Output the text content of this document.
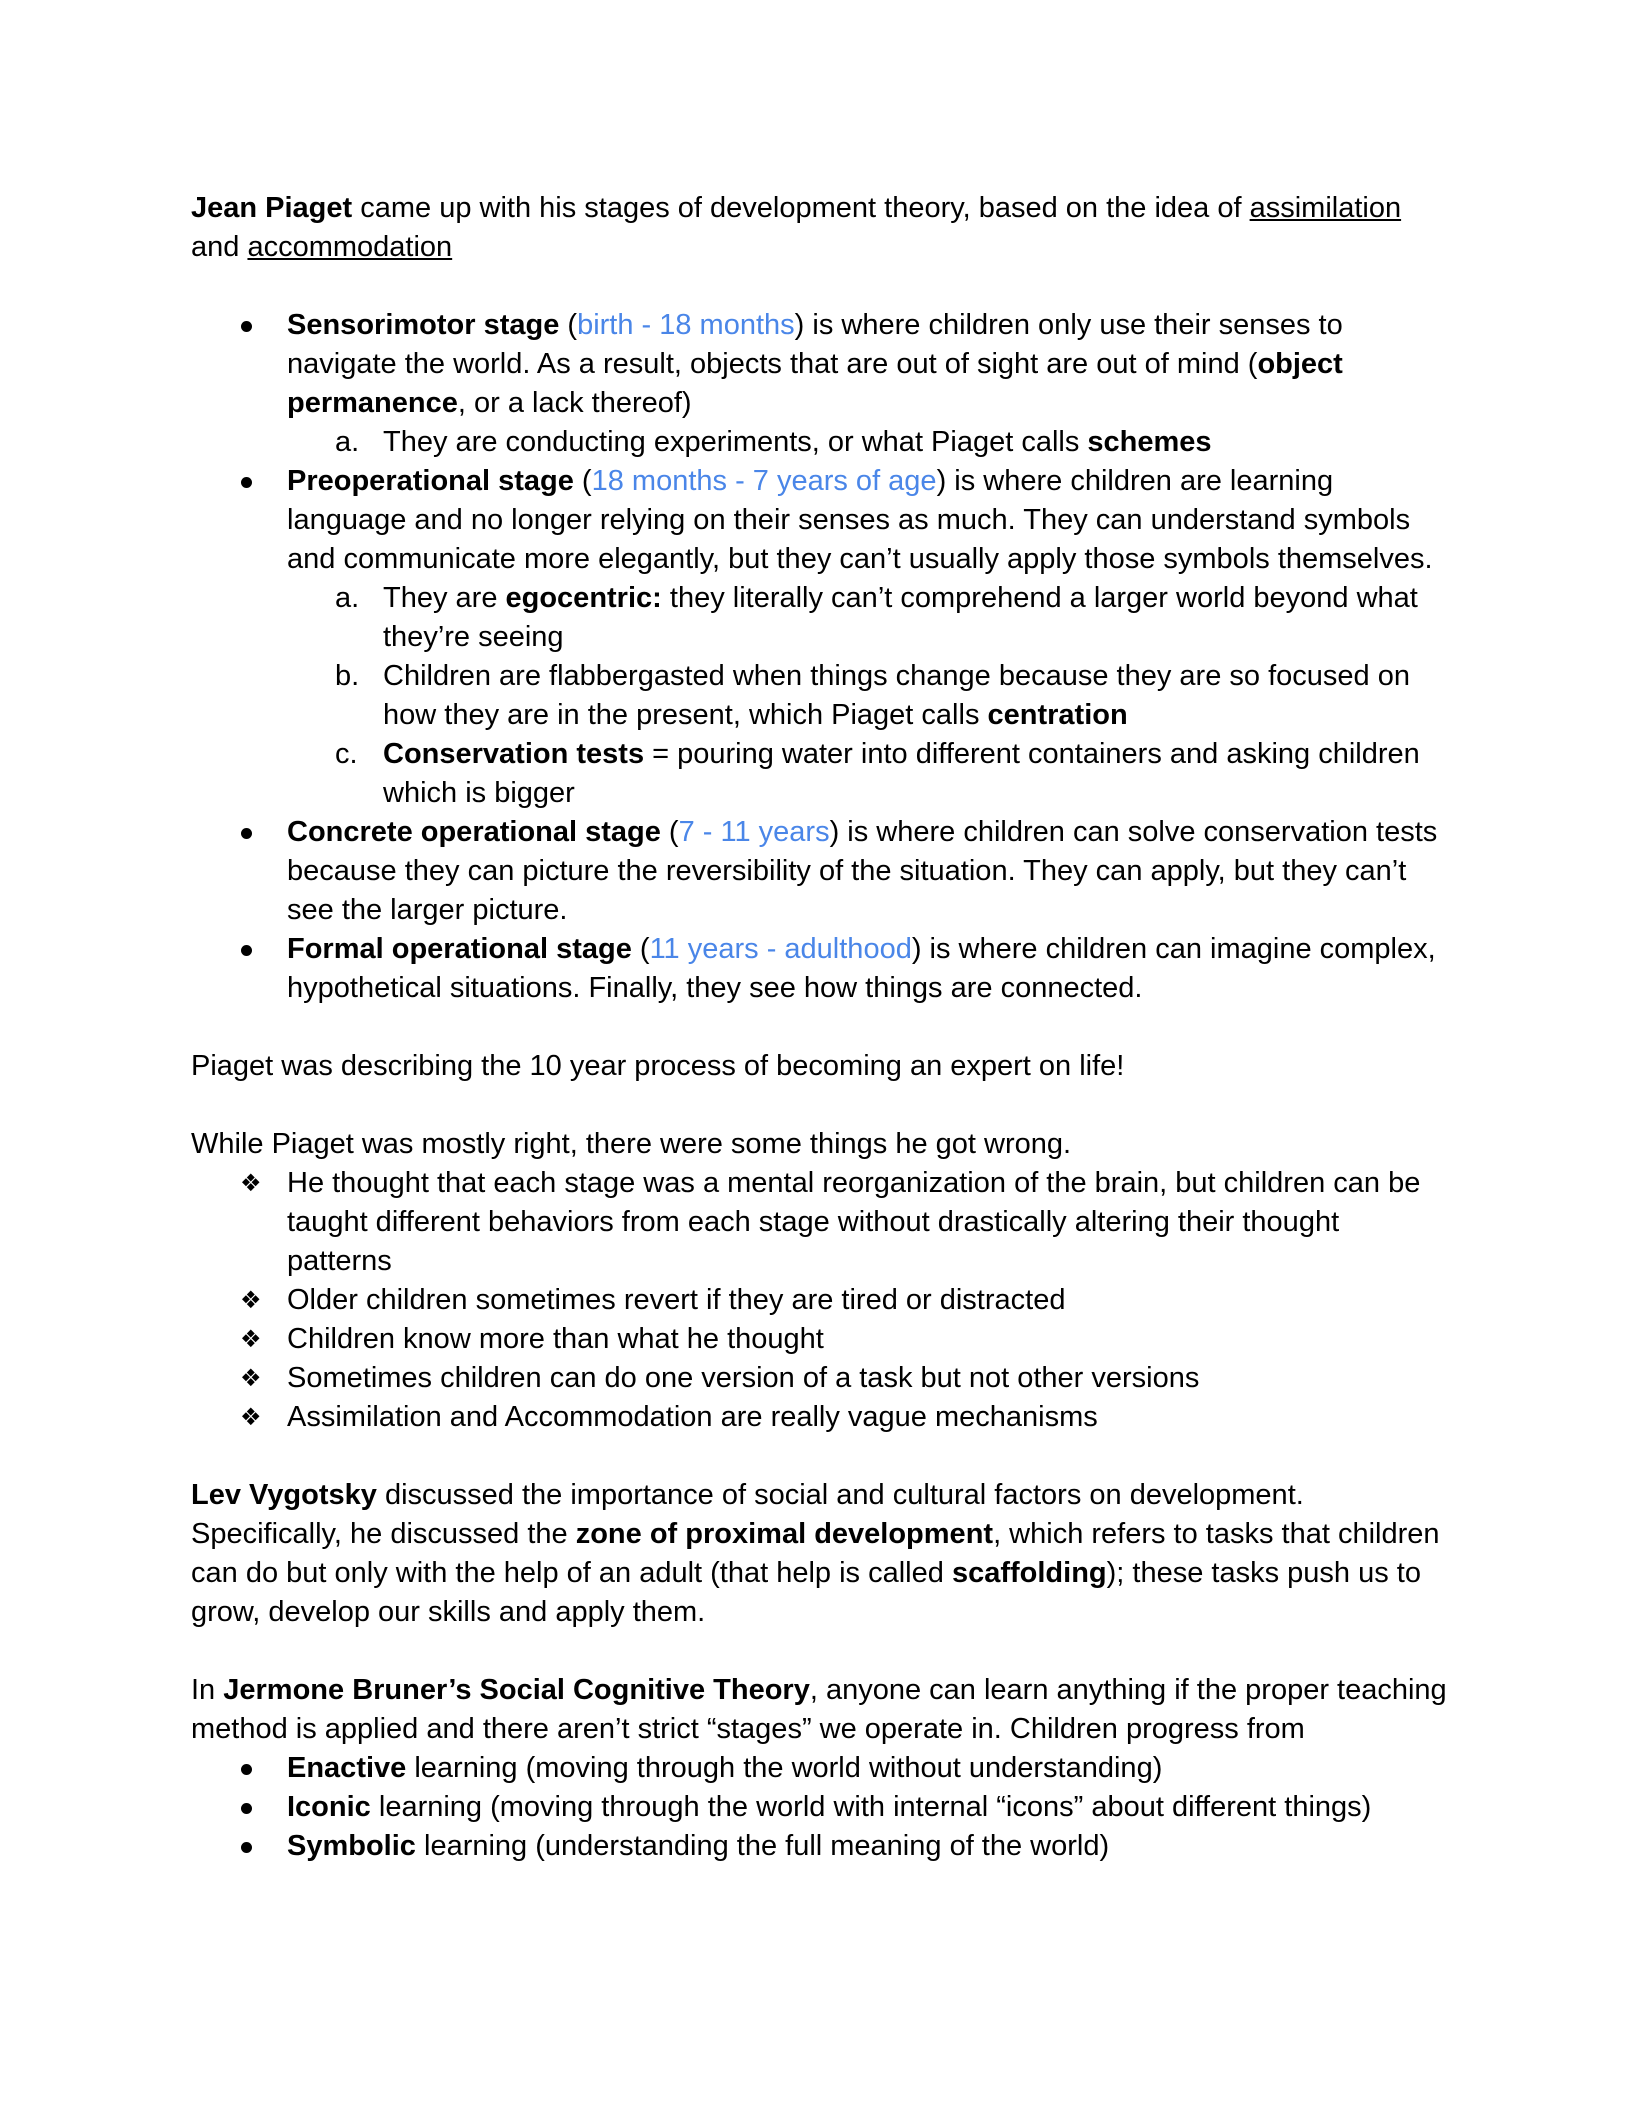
Jean Piaget came up with his stages of development theory, based on the idea of assimilation and accommodation

Sensorimotor stage (birth - 18 months) is where children only use their senses to navigate the world. As a result, objects that are out of sight are out of mind (object permanence, or a lack thereof)
a. They are conducting experiments, or what Piaget calls schemes
Preoperational stage (18 months - 7 years of age) is where children are learning language and no longer relying on their senses as much. They can understand symbols and communicate more elegantly, but they can’t usually apply those symbols themselves.
a. They are egocentric: they literally can’t comprehend a larger world beyond what they’re seeing
b. Children are flabbergasted when things change because they are so focused on how they are in the present, which Piaget calls centration
c. Conservation tests = pouring water into different containers and asking children which is bigger
Concrete operational stage (7 - 11 years) is where children can solve conservation tests because they can picture the reversibility of the situation. They can apply, but they can’t see the larger picture.
Formal operational stage (11 years - adulthood) is where children can imagine complex, hypothetical situations. Finally, they see how things are connected.

Piaget was describing the 10 year process of becoming an expert on life!

While Piaget was mostly right, there were some things he got wrong.

❖ He thought that each stage was a mental reorganization of the brain, but children can be taught different behaviors from each stage without drastically altering their thought patterns
❖ Older children sometimes revert if they are tired or distracted
❖ Children know more than what he thought
❖ Sometimes children can do one version of a task but not other versions
❖ Assimilation and Accommodation are really vague mechanisms

Lev Vygotsky discussed the importance of social and cultural factors on development. Specifically, he discussed the zone of proximal development, which refers to tasks that children can do but only with the help of an adult (that help is called scaffolding); these tasks push us to grow, develop our skills and apply them.

In Jermone Bruner’s Social Cognitive Theory, anyone can learn anything if the proper teaching method is applied and there aren’t strict “stages” we operate in. Children progress from

Enactive learning (moving through the world without understanding)
Iconic learning (moving through the world with internal “icons” about different things)
Symbolic learning (understanding the full meaning of the world)
